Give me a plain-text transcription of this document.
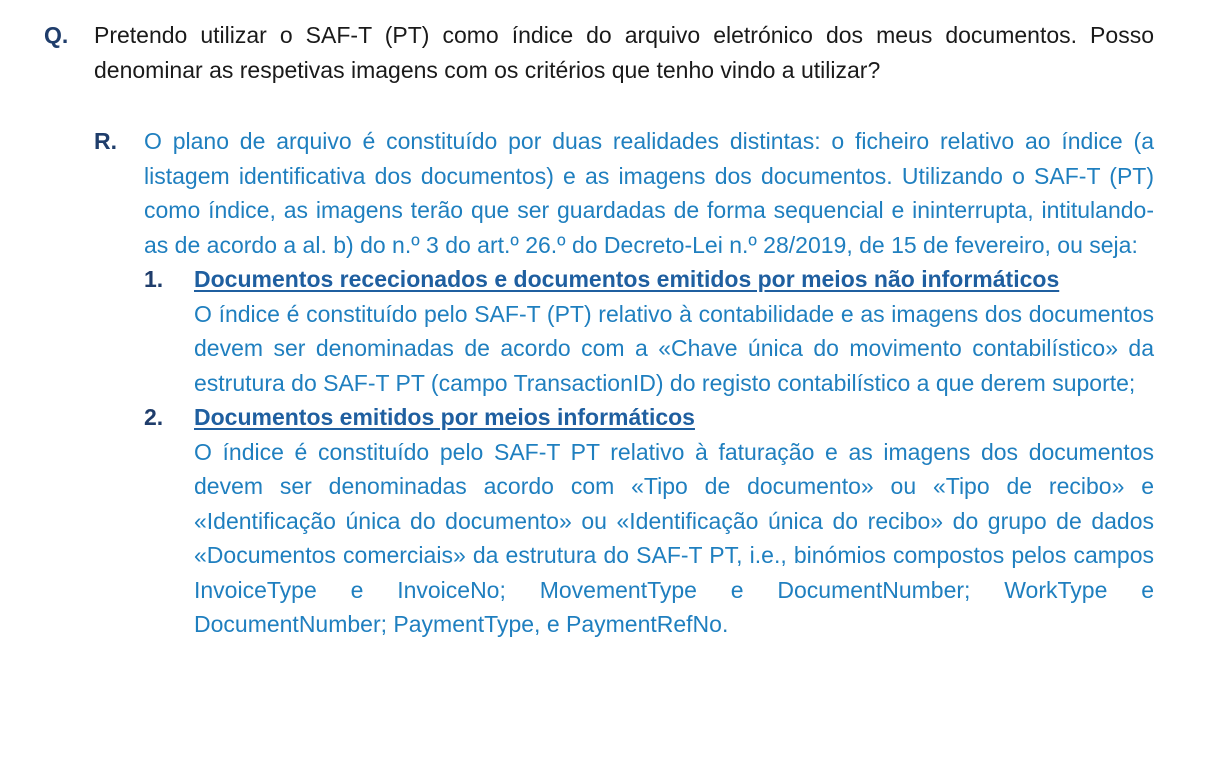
Q.	Pretendo utilizar o SAF-T (PT) como índice do arquivo eletrónico dos meus documentos. Posso denominar as respetivas imagens com os critérios que tenho vindo a utilizar?
R.	O plano de arquivo é constituído por duas realidades distintas: o ficheiro relativo ao índice (a listagem identificativa dos documentos) e as imagens dos documentos. Utilizando o SAF-T (PT) como índice, as imagens terão que ser guardadas de forma sequencial e ininterrupta, intitulando-as de acordo a al. b) do n.º 3 do art.º 26.º do Decreto-Lei n.º 28/2019, de 15 de fevereiro, ou seja:
1.	Documentos rececionados e documentos emitidos por meios não informáticos
O índice é constituído pelo SAF-T (PT) relativo à contabilidade e as imagens dos documentos devem ser denominadas de acordo com a «Chave única do movimento contabilístico» da estrutura do SAF-T PT (campo TransactionID) do registo contabilístico a que derem suporte;
2.	Documentos emitidos por meios informáticos
O índice é constituído pelo SAF-T PT relativo à faturação e as imagens dos documentos devem ser denominadas acordo com «Tipo de documento» ou «Tipo de recibo» e «Identificação única do documento» ou «Identificação única do recibo» do grupo de dados «Documentos comerciais» da estrutura do SAF-T PT, i.e., binómios compostos pelos campos InvoiceType e InvoiceNo; MovementType e DocumentNumber; WorkType e DocumentNumber; PaymentType, e PaymentRefNo.
